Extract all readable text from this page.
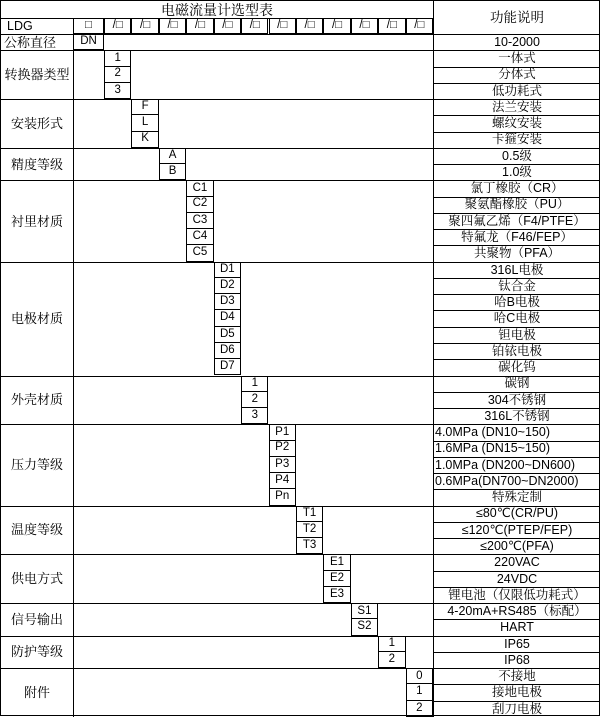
电磁流量计选型表	功能说明
LDG	□	/□	/□	/□	/□	/□	/□	/□	/□	/□	/□	/□	/□
公称直径	DN	10-2000
转换器类型
1	一体式
2	分体式
3	低功耗式
安装形式
F	法兰安装
L	螺纹安装
K	卡箍安装
精度等级
A	0.5级
B	1.0级
衬里材质
C1	氯丁橡胶（CR）
C2	聚氨酯橡胶（PU）
C3	聚四氟乙烯（F4/PTFE）
C4	特氟龙（F46/FEP）
C5	共聚物（PFA）
电极材质
D1	316L电极
D2	钛合金
D3	哈B电极
D4	哈C电极
D5	钽电极
D6	铂铱电极
D7	碳化钨
外壳材质
1	碳钢
2	304不锈钢
3	316L不锈钢
压力等级
P1	4.0MPa (DN10~150)
P2	1.6MPa (DN15~150)
P3	1.0MPa (DN200~DN600)
P4	0.6MPa(DN700~DN2000)
Pn	特殊定制
温度等级
T1	≤80℃(CR/PU)
T2	≤120℃(PTEP/FEP)
T3	≤200℃(PFA)
供电方式
E1	220VAC
E2	24VDC
E3	锂电池（仅限低功耗式）
信号输出
S1	4-20mA+RS485（标配）
S2	HART
防护等级
1	IP65
2	IP68
附件
0	不接地
1	接地电极
2	刮刀电极
